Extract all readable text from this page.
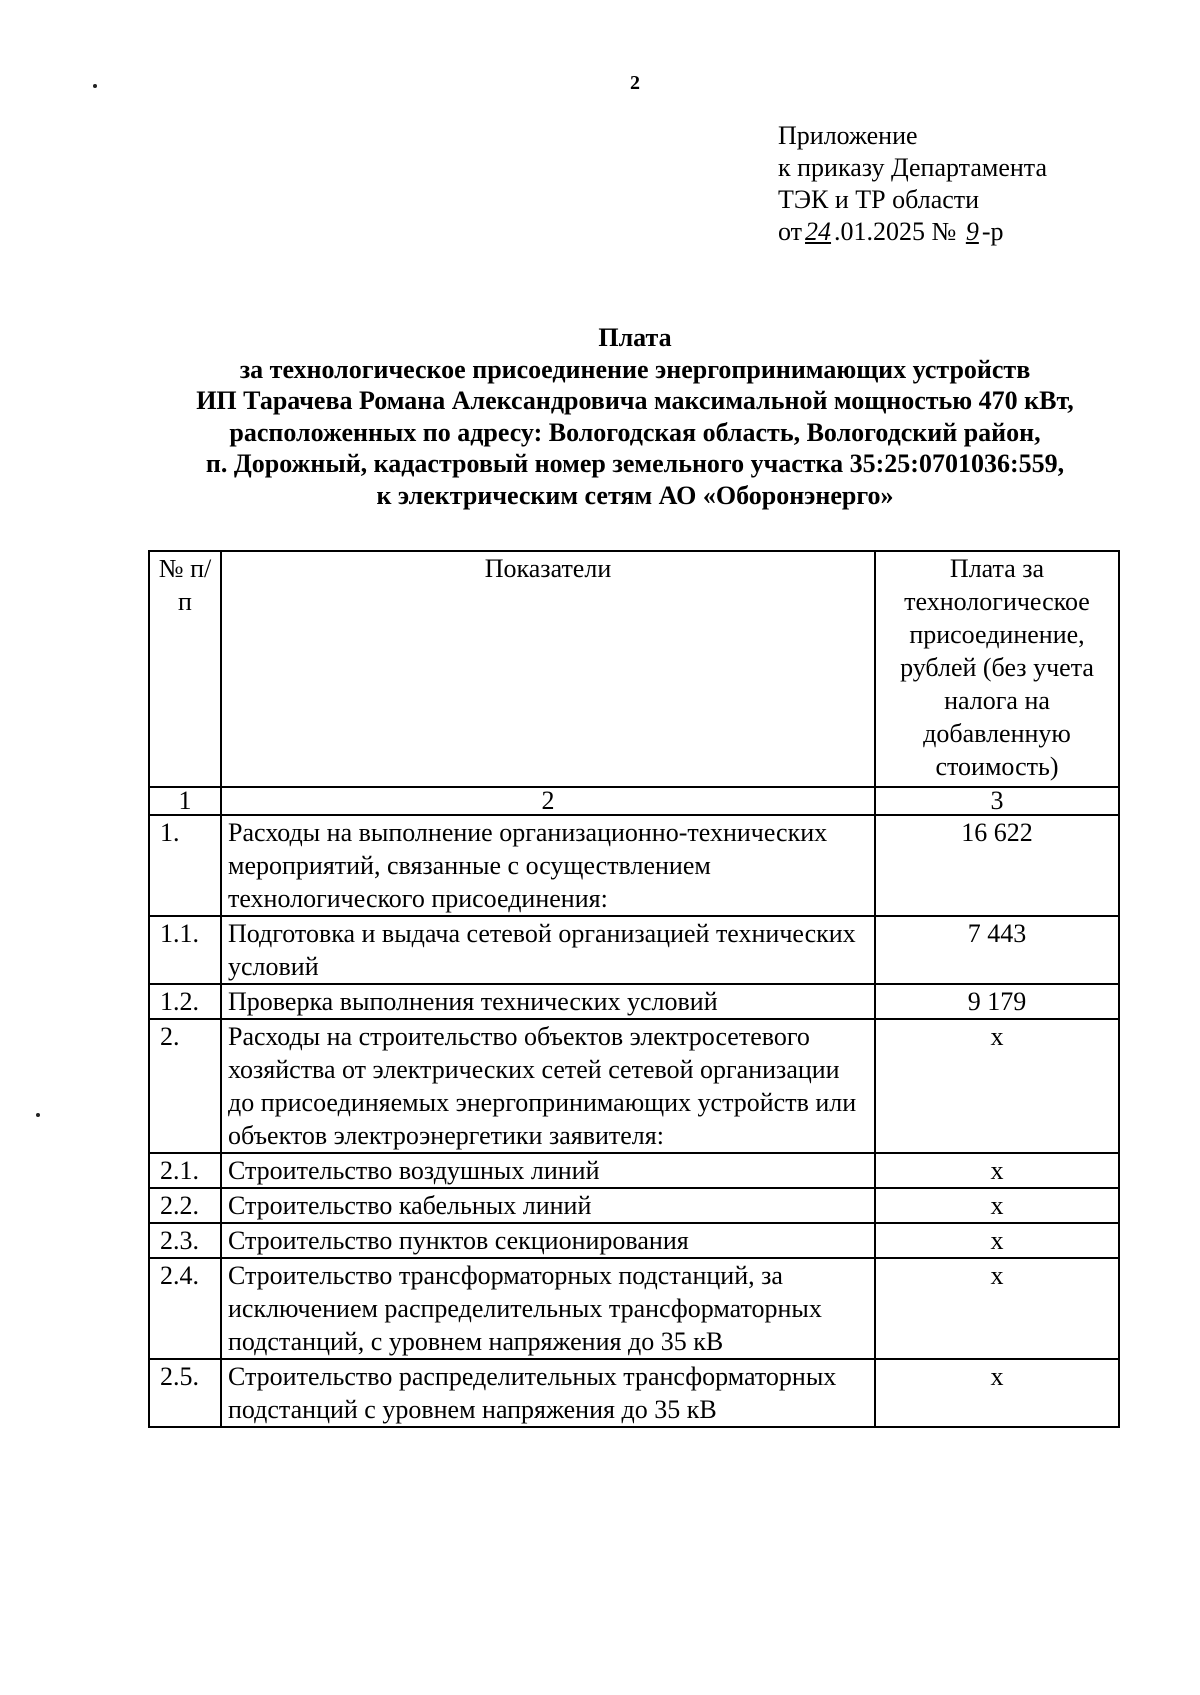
2
Приложение
к приказу Департамента
ТЭК и ТР области
от 24 .01.2025 № 9 -р
Плата
за технологическое присоединение энергопринимающих устройств
ИП Тарачева Романа Александровича максимальной мощностью 470 кВт,
расположенных по адресу: Вологодская область, Вологодский район,
п. Дорожный, кадастровый номер земельного участка 35:25:0701036:559,
к электрическим сетям АО «Оборонэнерго»
№ п/п	Показатели	Плата за технологическое присоединение, рублей (без учета налога на добавленную стоимость)
1	2	3
1.	Расходы на выполнение организационно-технических мероприятий, связанные с осуществлением технологического присоединения:	16 622
1.1.	Подготовка и выдача сетевой организацией технических условий	7 443
1.2.	Проверка выполнения технических условий	9 179
2.	Расходы на строительство объектов электросетевого хозяйства от электрических сетей сетевой организации до присоединяемых энергопринимающих устройств или объектов электроэнергетики заявителя:	х
2.1.	Строительство воздушных линий	х
2.2.	Строительство кабельных линий	х
2.3.	Строительство пунктов секционирования	х
2.4.	Строительство трансформаторных подстанций, за исключением распределительных трансформаторных подстанций, с уровнем напряжения до 35 кВ	х
2.5.	Строительство распределительных трансформаторных подстанций с уровнем напряжения до 35 кВ	х
